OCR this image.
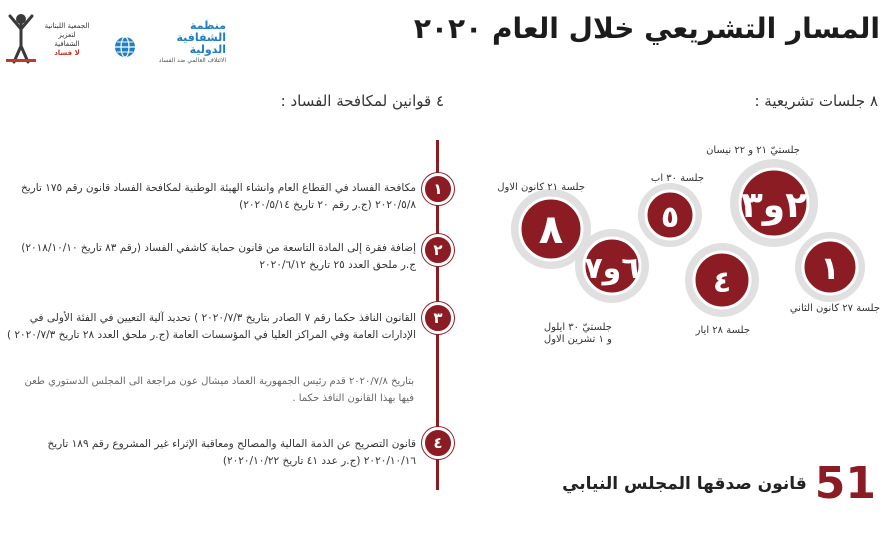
المسار التشريعي خلال العام ٢٠٢٠
الجمعية اللبنانية
لتعزيز
الشفافية
لا فساد
منظمة
الشفافية الدولية
الائتلاف العالمي ضد الفساد
٨ جلسات تشريعية :
٨
٦و٧
٥
٤
٢و٣
١
جلسة ٢٧ كانون الثاني
جلستيّ ٢١ و ٢٢ نيسان
جلسة ٢٨ ايار
جلسة ٣٠ اب
جلستيّ ٣٠ ايلول
و ١ تشرين الاول
جلسة ٢١ كانون الاول
51
قانون صدقها المجلس النيابي
٤ قوانين لمكافحة الفساد :
١
مكافحة الفساد في القطاع العام وانشاء الهيئة الوطنية لمكافحة الفساد قانون رقم ١٧٥ تاريخ ٢٠٢٠/٥/٨ (ج.ر رقم ٢٠ تاريخ ٢٠٢٠/٥/١٤)
٢
إضافة فقرة إلى المادة التاسعة من قانون حماية كاشفي الفساد (رقم ٨٣ تاريخ ٢٠١٨/١٠/١٠) ج.ر ملحق العدد ٢٥ تاريخ ٢٠٢٠/٦/١٢
٣
القانون النافذ حكما رقم ٧ الصادر بتاريخ ٢٠٢٠/٧/٣ ) تحديد آلية التعيين في الفئة الأولى في الإدارات العامة وفي المراكز العليا في المؤسسات العامة (ج.ر ملحق العدد ٢٨ تاريخ ٢٠٢٠/٧/٣ )
بتاريخ ٢٠٢٠/٧/٨ قدم رئيس الجمهورية العماد ميشال عون مراجعة الى المجلس الدستوري طعن فيها بهذا القانون النافذ حكما .
٤
قانون التصريح عن الذمة المالية والمصالح ومعاقبة الإثراء غير المشروع رقم ١٨٩ تاريخ ٢٠٢٠/١٠/١٦ (ج.ر عدد ٤١ تاريخ ٢٠٢٠/١٠/٢٢)
